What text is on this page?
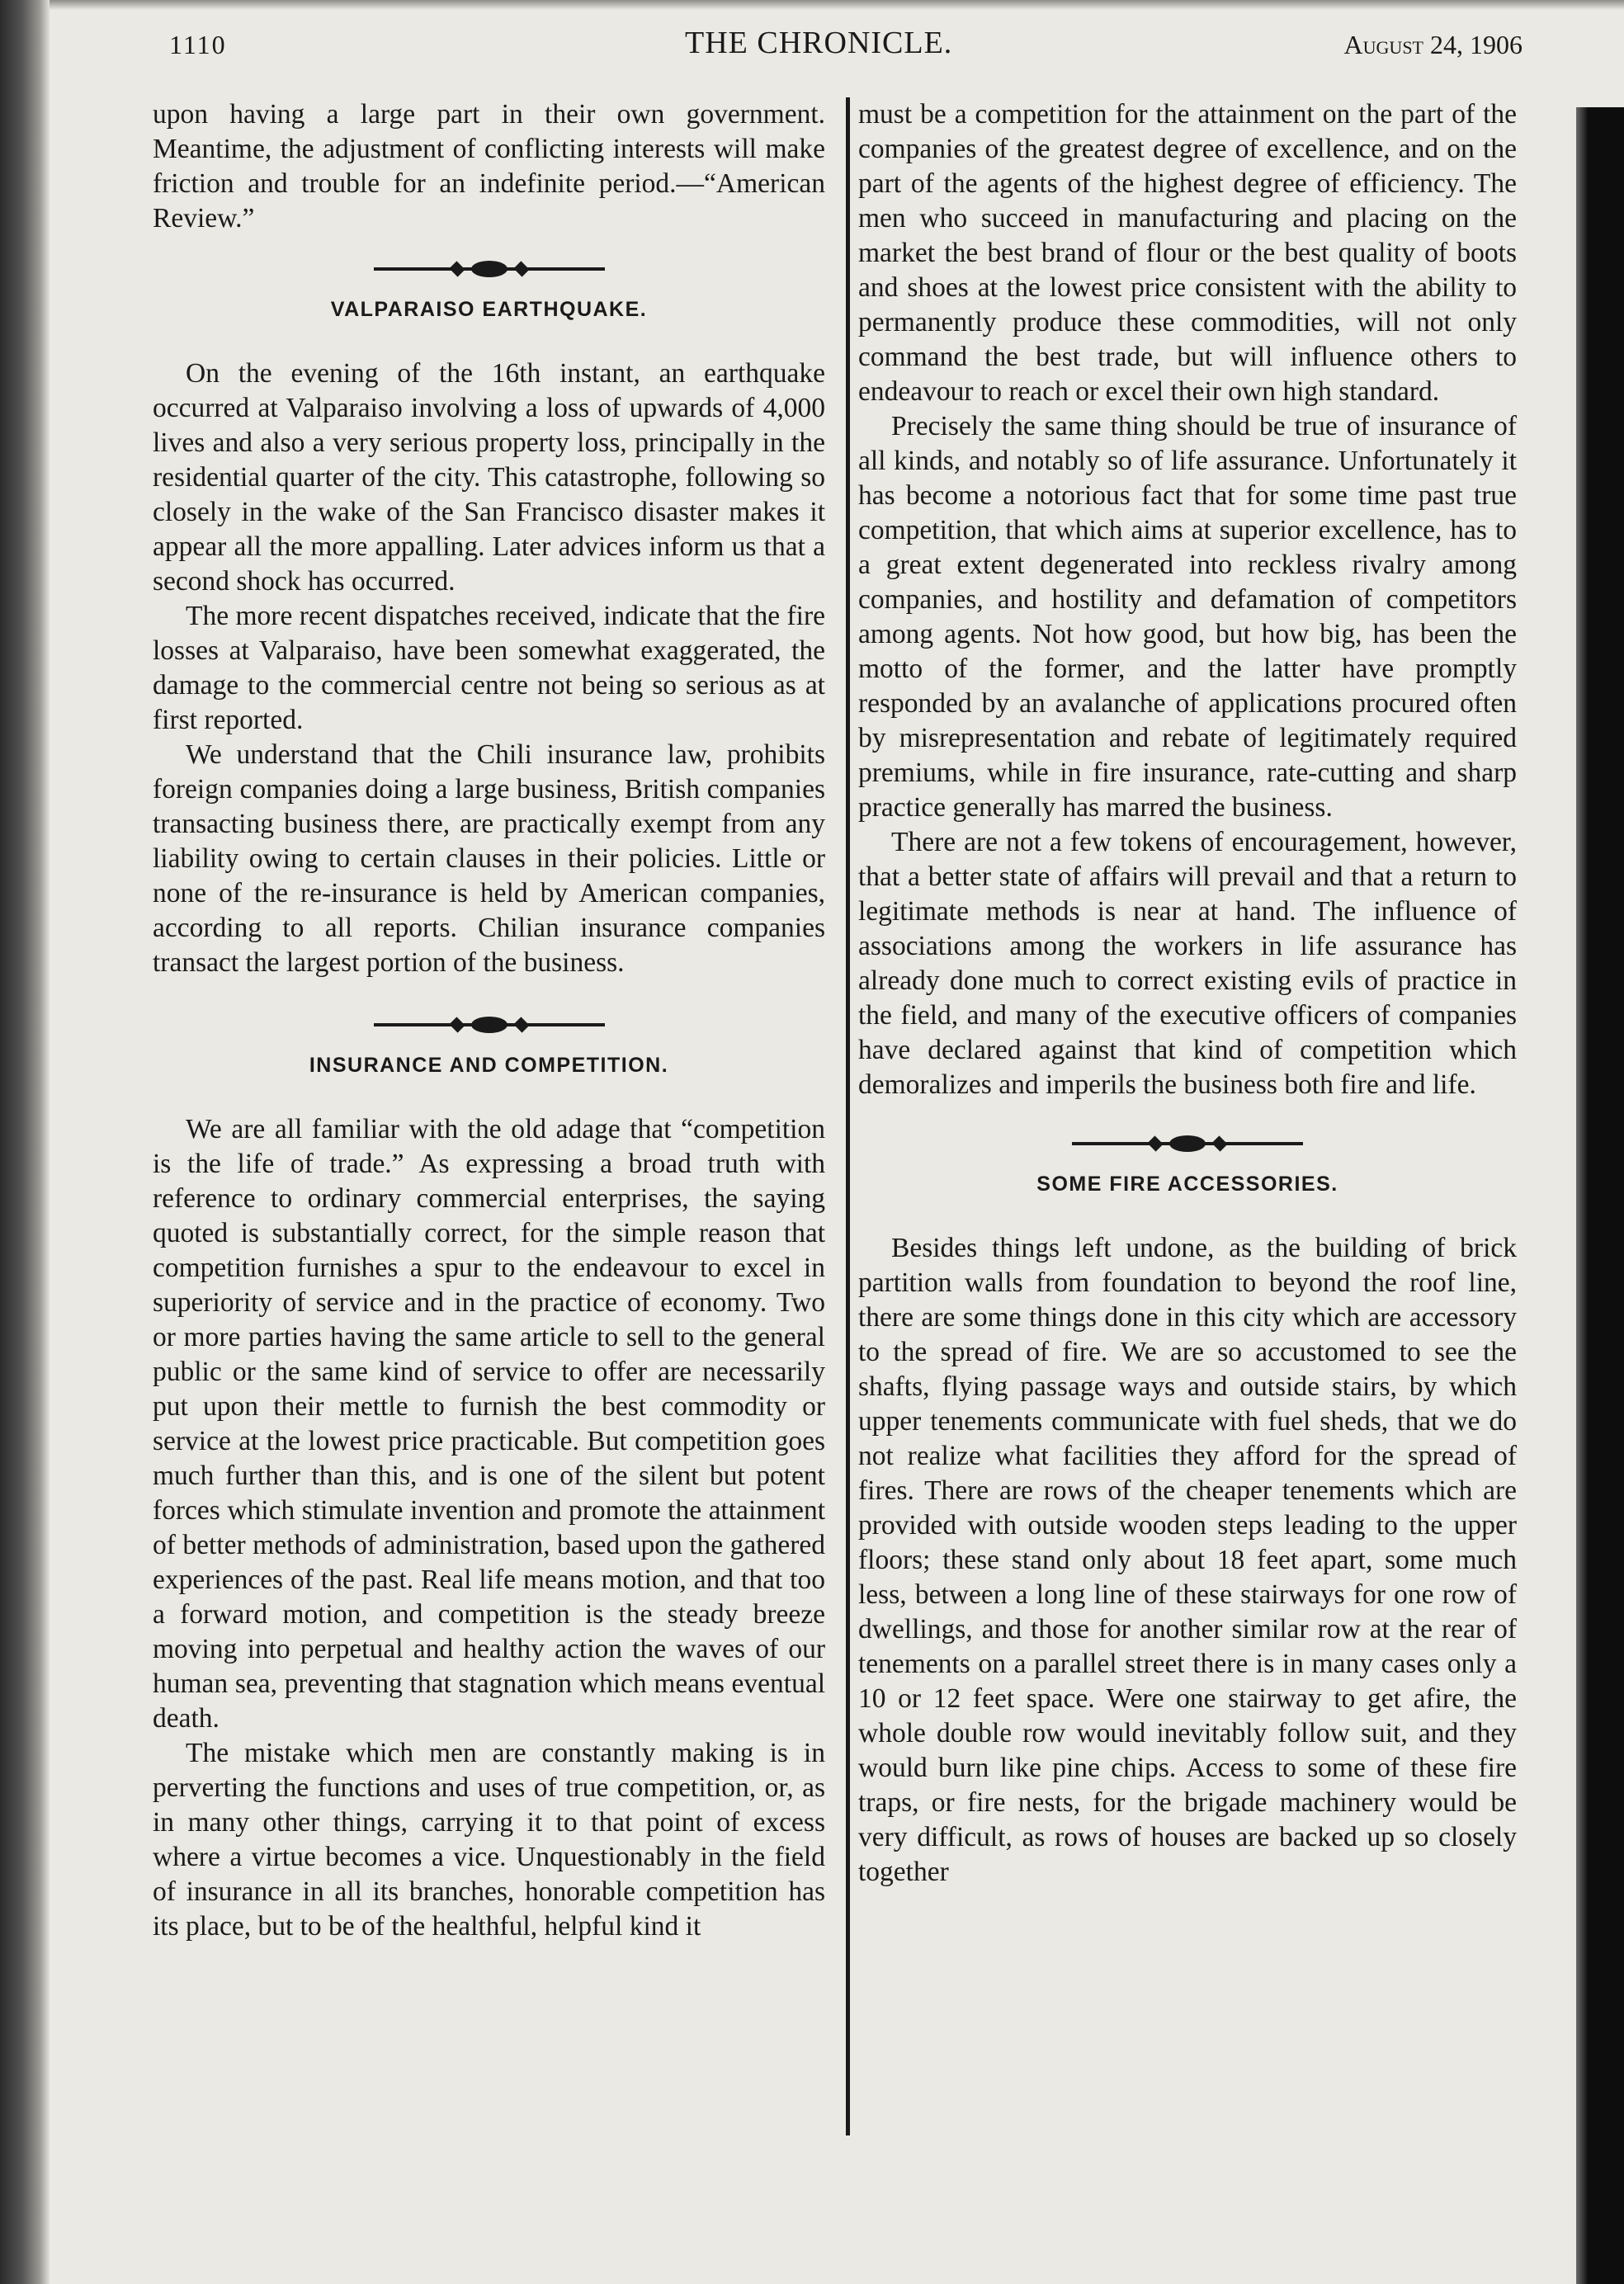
1110	THE CHRONICLE.	August 24, 1906

upon having a large part in their own government. Meantime, the adjustment of conflicting interests will make friction and trouble for an indefinite period.—“American Review.”

VALPARAISO EARTHQUAKE.

On the evening of the 16th instant, an earthquake occurred at Valparaiso involving a loss of upwards of 4,000 lives and also a very serious property loss, principally in the residential quarter of the city. This catastrophe, following so closely in the wake of the San Francisco disaster makes it appear all the more appalling. Later advices inform us that a second shock has occurred.

The more recent dispatches received, indicate that the fire losses at Valparaiso, have been somewhat exaggerated, the damage to the commercial centre not being so serious as at first reported.

We understand that the Chili insurance law, prohibits foreign companies doing a large business, British companies transacting business there, are practically exempt from any liability owing to certain clauses in their policies. Little or none of the re-insurance is held by American companies, according to all reports. Chilian insurance companies transact the largest portion of the business.

INSURANCE AND COMPETITION.

We are all familiar with the old adage that “competition is the life of trade.” As expressing a broad truth with reference to ordinary commercial enterprises, the saying quoted is substantially correct, for the simple reason that competition furnishes a spur to the endeavour to excel in superiority of service and in the practice of economy. Two or more parties having the same article to sell to the general public or the same kind of service to offer are necessarily put upon their mettle to furnish the best commodity or service at the lowest price practicable. But competition goes much further than this, and is one of the silent but potent forces which stimulate invention and promote the attainment of better methods of administration, based upon the gathered experiences of the past. Real life means motion, and that too a forward motion, and competition is the steady breeze moving into perpetual and healthy action the waves of our human sea, preventing that stagnation which means eventual death.

The mistake which men are constantly making is in perverting the functions and uses of true competition, or, as in many other things, carrying it to that point of excess where a virtue becomes a vice. Unquestionably in the field of insurance in all its branches, honorable competition has its place, but to be of the healthful, helpful kind it

must be a competition for the attainment on the part of the companies of the greatest degree of excellence, and on the part of the agents of the highest degree of efficiency. The men who succeed in manufacturing and placing on the market the best brand of flour or the best quality of boots and shoes at the lowest price consistent with the ability to permanently produce these commodities, will not only command the best trade, but will influence others to endeavour to reach or excel their own high standard.

Precisely the same thing should be true of insurance of all kinds, and notably so of life assurance. Unfortunately it has become a notorious fact that for some time past true competition, that which aims at superior excellence, has to a great extent degenerated into reckless rivalry among companies, and hostility and defamation of competitors among agents. Not how good, but how big, has been the motto of the former, and the latter have promptly responded by an avalanche of applications procured often by misrepresentation and rebate of legitimately required premiums, while in fire insurance, rate-cutting and sharp practice generally has marred the business.

There are not a few tokens of encouragement, however, that a better state of affairs will prevail and that a return to legitimate methods is near at hand. The influence of associations among the workers in life assurance has already done much to correct existing evils of practice in the field, and many of the executive officers of companies have declared against that kind of competition which demoralizes and imperils the business both fire and life.

SOME FIRE ACCESSORIES.

Besides things left undone, as the building of brick partition walls from foundation to beyond the roof line, there are some things done in this city which are accessory to the spread of fire. We are so accustomed to see the shafts, flying passage ways and outside stairs, by which upper tenements communicate with fuel sheds, that we do not realize what facilities they afford for the spread of fires. There are rows of the cheaper tenements which are provided with outside wooden steps leading to the upper floors; these stand only about 18 feet apart, some much less, between a long line of these stairways for one row of dwellings, and those for another similar row at the rear of tenements on a parallel street there is in many cases only a 10 or 12 feet space. Were one stairway to get afire, the whole double row would inevitably follow suit, and they would burn like pine chips. Access to some of these fire traps, or fire nests, for the brigade machinery would be very difficult, as rows of houses are backed up so closely together
